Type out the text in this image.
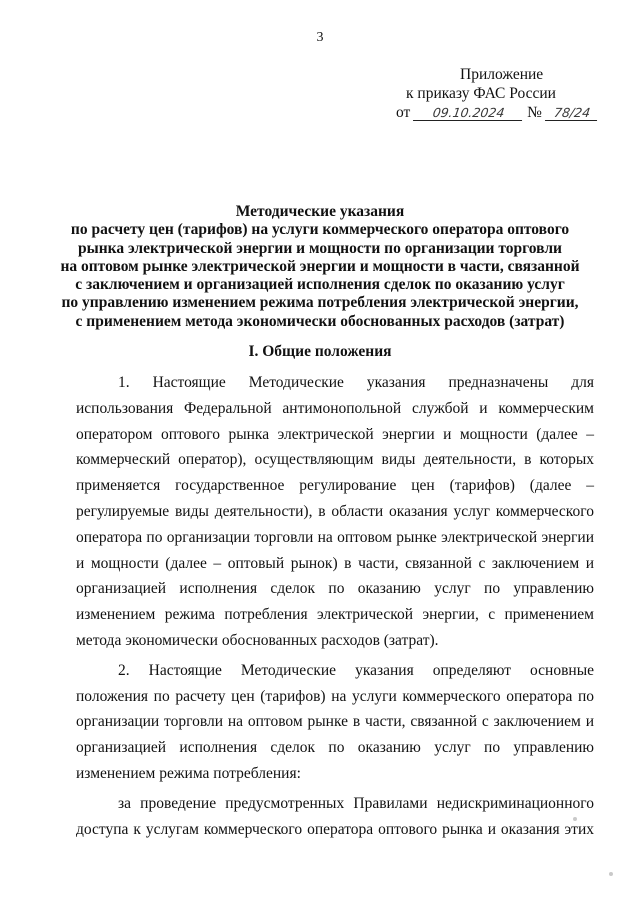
3
Приложение
к приказу ФАС России
от 09.10.2024 № 78/24
Методические указания
по расчету цен (тарифов) на услуги коммерческого оператора оптового
рынка электрической энергии и мощности по организации торговли
на оптовом рынке электрической энергии и мощности в части, связанной
с заключением и организацией исполнения сделок по оказанию услуг
по управлению изменением режима потребления электрической энергии,
с применением метода экономически обоснованных расходов (затрат)
I. Общие положения

1. Настоящие Методические указания предназначены для использования Федеральной антимонопольной службой и коммерческим оператором оптового рынка электрической энергии и мощности (далее – коммерческий оператор), осуществляющим виды деятельности, в которых применяется государственное регулирование цен (тарифов) (далее – регулируемые виды деятельности), в области оказания услуг коммерческого оператора по организации торговли на оптовом рынке электрической энергии и мощности (далее – оптовый рынок) в части, связанной с заключением и организацией исполнения сделок по оказанию услуг по управлению изменением режима потребления электрической энергии, с применением метода экономически обоснованных расходов (затрат).

2. Настоящие Методические указания определяют основные положения по расчету цен (тарифов) на услуги коммерческого оператора по организации торговли на оптовом рынке в части, связанной с заключением и организацией исполнения сделок по оказанию услуг по управлению изменением режима потребления:

за проведение предусмотренных Правилами недискриминационного доступа к услугам коммерческого оператора оптового рынка и оказания этих
